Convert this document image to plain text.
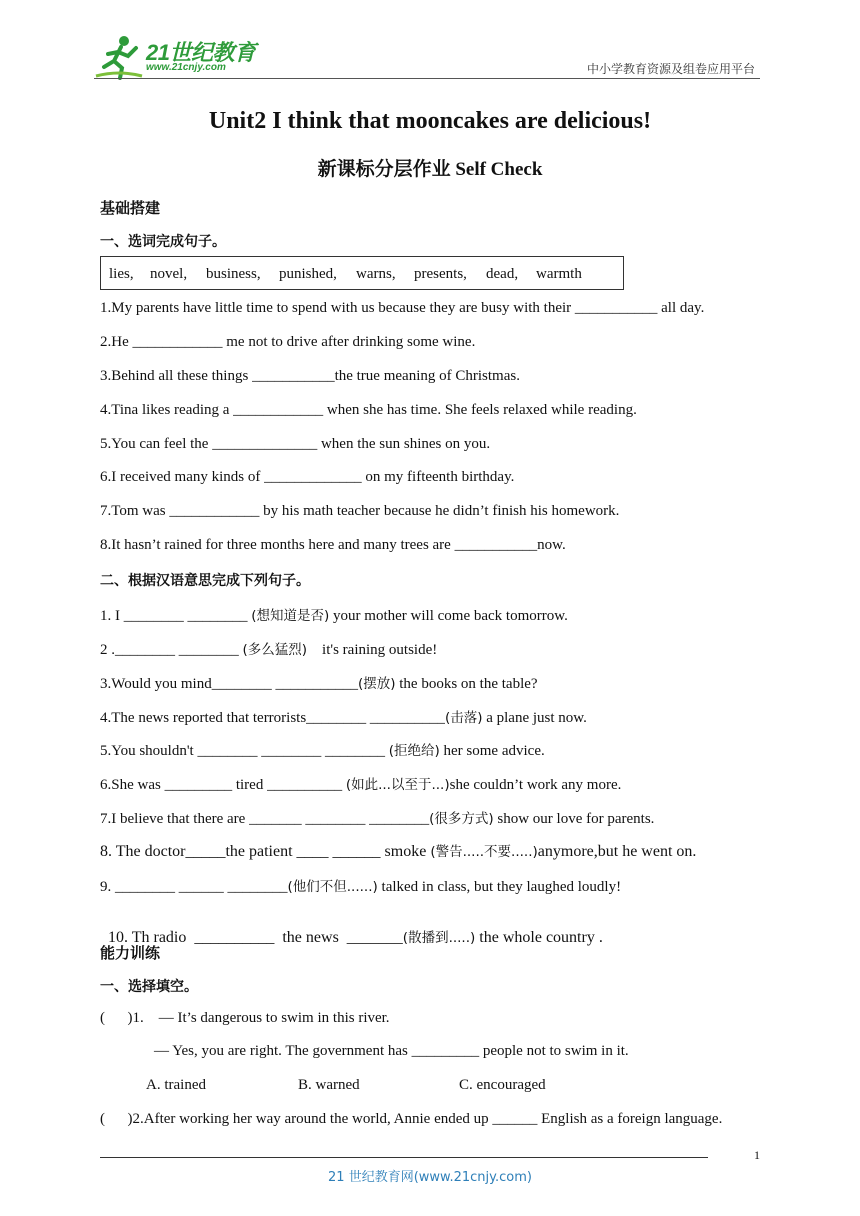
21世纪教育
www.21cnjy.com	中小学教育资源及组卷应用平台
Unit2 I think that mooncakes are delicious!
新课标分层作业 Self Check
基础搭建
一、选词完成句子。
lies, novel, business, punished, warns, presents, dead, warmth
1.My parents have little time to spend with us because they are busy with their ___________ all day.
2.He ____________ me not to drive after drinking some wine.
3.Behind all these things ___________the true meaning of Christmas.
4.Tina likes reading a ____________ when she has time. She feels relaxed while reading.
5.You can feel the ______________ when the sun shines on you.
6.I received many kinds of _____________ on my fifteenth birthday.
7.Tom was ____________ by his math teacher because he didn’t finish his homework.
8.It hasn’t rained for three months here and many trees are ___________now.
二、根据汉语意思完成下列句子。
1. I ________ ________ (想知道是否) your mother will come back tomorrow.
2 .________ ________ (多么猛烈)    it's raining outside!
3.Would you mind________ ___________(摆放) the books on the table?
4.The news reported that terrorists________ __________(击落) a plane just now.
5.You shouldn't ________ ________ ________ (拒绝给) her some advice.
6.She was _________ tired __________ (如此...以至于...)she couldn’t work any more.
7.I believe that there are _______ ________ ________(很多方式) show our love for parents.
8. The doctor_____the patient ____ ______ smoke (警告.....不要.....)anymore,but he went on.
9. ________ ______ ________(他们不但......) talked in class, but they laughed loudly!

10. Th radio  __________  the news  _______(散播到.....) the whole country .

能力训练
一、选择填空。
(      )1.    — It’s dangerous to swim in this river.
— Yes, you are right. The government has _________ people not to swim in it.
A. trained	B. warned	C. encouraged
(      )2.After working her way around the world, Annie ended up ______ English as a foreign language.
1
21 世纪教育网(www.21cnjy.com)
